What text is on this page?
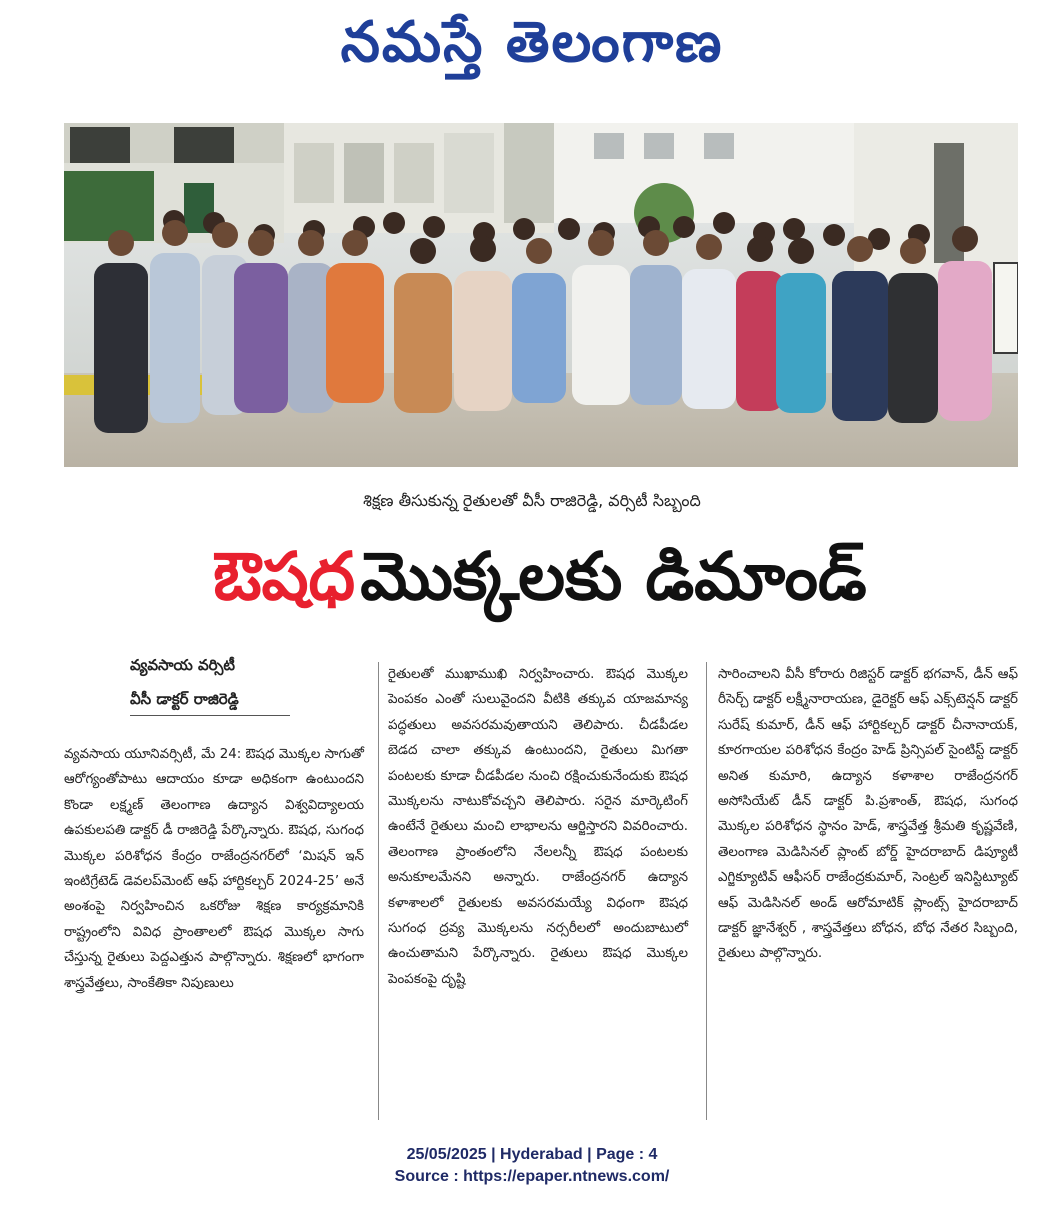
నమస్తే తెలంగాణ
శిక్షణ తీసుకున్న రైతులతో వీసీ రాజిరెడ్డి, వర్సిటీ సిబ్బంది
ఔషధ మొక్కలకు డిమాండ్
వ్యవసాయ వర్సిటీ
వీసీ డాక్టర్ రాజిరెడ్డి

వ్యవసాయ యూనివర్సిటీ, మే 24: ఔషధ మొక్కల సాగుతో ఆరోగ్యంతోపాటు ఆదాయం కూడా అధికంగా ఉంటుందని కొండా లక్ష్మణ్ తెలంగాణ ఉద్యాన విశ్వవిద్యాలయ ఉపకులపతి డాక్టర్ డీ రాజిరెడ్డి పేర్కొన్నారు. ఔషధ, సుగంధ మొక్కల పరిశోధన కేంద్రం రాజేంద్రనగర్‌లో ‘మిషన్ ఇన్ ఇంటిగ్రేటెడ్ డెవలప్‌మెంట్ ఆఫ్ హార్టికల్చర్ 2024-25’ అనే అంశంపై నిర్వహించిన ఒకరోజు శిక్షణ కార్యక్రమానికి రాష్ట్రంలోని వివిధ ప్రాంతాలలో ఔషధ మొక్కల సాగు చేస్తున్న రైతులు పెద్దఎత్తున పాల్గొన్నారు. శిక్షణలో భాగంగా శాస్త్రవేత్తలు, సాంకేతికా నిపుణులు

రైతులతో ముఖాముఖి నిర్వహించారు. ఔషధ మొక్కల పెంపకం ఎంతో సులువైందని వీటికి తక్కువ యాజమాన్య పద్ధతులు అవసరమవుతాయని తెలిపారు. చీడపీడల బెడద చాలా తక్కువ ఉంటుందని, రైతులు మిగతా పంటలకు కూడా చీడపీడల నుంచి రక్షించుకునేందుకు ఔషధ మొక్కలను నాటుకోవచ్చని తెలిపారు. సరైన మార్కెటింగ్ ఉంటేనే రైతులు మంచి లాభాలను ఆర్జిస్తారని వివరించారు. తెలంగాణ ప్రాంతంలోని నేలలన్నీ ఔషధ పంటలకు అనుకూలమేనని అన్నారు. రాజేంద్రనగర్ ఉద్యాన కళాశాలలో రైతులకు అవసరమయ్యే విధంగా ఔషధ సుగంధ ద్రవ్య మొక్కలను నర్సరీలలో అందుబాటులో ఉంచుతామని పేర్కొన్నారు. రైతులు ఔషధ మొక్కల పెంపకంపై దృష్టి

సారించాలని వీసీ కోరారు రిజిస్టర్ డాక్టర్ భగవాన్, డీన్ ఆఫ్ రీసెర్చ్ డాక్టర్ లక్ష్మీనారాయణ, డైరెక్టర్ ఆఫ్ ఎక్స్‌టెన్షన్ డాక్టర్ సురేష్ కుమార్, డీన్ ఆఫ్ హార్టికల్చర్ డాక్టర్ చీనానాయక్, కూరగాయల పరిశోధన కేంద్రం హెడ్ ప్రిన్సిపల్ సైంటిస్ట్ డాక్టర్ అనిత కుమారి, ఉద్యాన కళాశాల రాజేంద్రనగర్ అసోసియేట్ డీన్ డాక్టర్ పి.ప్రశాంత్, ఔషధ, సుగంధ మొక్కల పరిశోధన స్థానం హెడ్, శాస్త్రవేత్త శ్రీమతి కృష్ణవేణి, తెలంగాణ మెడిసినల్ ప్లాంట్ బోర్డ్ హైదరాబాద్ డిప్యూటీ ఎగ్జిక్యూటివ్ ఆఫీసర్ రాజేంద్రకుమార్, సెంట్రల్ ఇనిస్టిట్యూట్ ఆఫ్ మెడిసినల్ అండ్ ఆరోమాటిక్ ప్లాంట్స్ హైదరాబాద్ డాక్టర్ జ్ఞానేశ్వర్ , శాస్త్రవేత్తలు బోధన, బోధ నేతర సిబ్బంది, రైతులు పాల్గొన్నారు.

25/05/2025 | Hyderabad | Page : 4
Source : https://epaper.ntnews.com/
